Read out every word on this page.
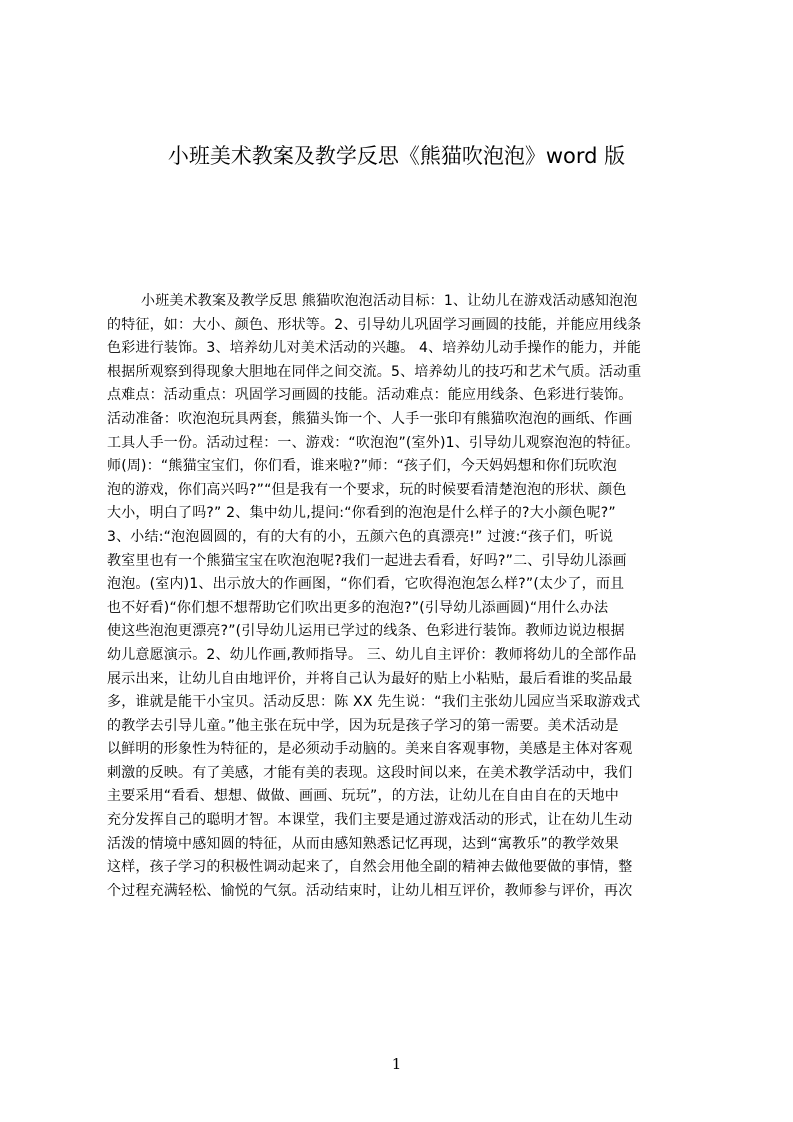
小班美术教案及教学反思《熊猫吹泡泡》word 版
小班美术教案及教学反思 熊猫吹泡泡活动目标：1、让幼儿在游戏活动感知泡泡
的特征，如：大小、颜色、形状等。2、引导幼儿巩固学习画圆的技能，并能应用线条
色彩进行装饰。3、培养幼儿对美术活动的兴趣。 4、培养幼儿动手操作的能力，并能
根据所观察到得现象大胆地在同伴之间交流。5、培养幼儿的技巧和艺术气质。活动重
点难点：活动重点：巩固学习画圆的技能。活动难点：能应用线条、色彩进行装饰。
活动准备：吹泡泡玩具两套，熊猫头饰一个、人手一张印有熊猫吹泡泡的画纸、作画
工具人手一份。活动过程：一、游戏：“吹泡泡”(室外)1、引导幼儿观察泡泡的特征。
师(周)：“熊猫宝宝们，你们看，谁来啦?”师：“孩子们，今天妈妈想和你们玩吹泡
泡的游戏，你们高兴吗?”“但是我有一个要求，玩的时候要看清楚泡泡的形状、颜色
大小，明白了吗?” 2、集中幼儿,提问:“你看到的泡泡是什么样子的?大小颜色呢?”
3、小结:“泡泡圆圆的，有的大有的小，五颜六色的真漂亮!” 过渡:“孩子们，听说
教室里也有一个熊猫宝宝在吹泡泡呢?我们一起进去看看，好吗?”二、引导幼儿添画
泡泡。(室内)1、出示放大的作画图，“你们看，它吹得泡泡怎么样?”(太少了，而且
也不好看)“你们想不想帮助它们吹出更多的泡泡?”(引导幼儿添画圆)“用什么办法
使这些泡泡更漂亮?”(引导幼儿运用已学过的线条、色彩进行装饰。教师边说边根据
幼儿意愿演示。2、幼儿作画,教师指导。 三、幼儿自主评价：教师将幼儿的全部作品
展示出来，让幼儿自由地评价，并将自己认为最好的贴上小粘贴，最后看谁的奖品最
多，谁就是能干小宝贝。活动反思：陈 XX 先生说：“我们主张幼儿园应当采取游戏式
的教学去引导儿童。”他主张在玩中学，因为玩是孩子学习的第一需要。美术活动是
以鲜明的形象性为特征的，是必须动手动脑的。美来自客观事物，美感是主体对客观
刺激的反映。有了美感，才能有美的表现。这段时间以来，在美术教学活动中，我们
主要采用“看看、想想、做做、画画、玩玩”，的方法，让幼儿在自由自在的天地中
充分发挥自己的聪明才智。本课堂，我们主要是通过游戏活动的形式，让在幼儿生动
活泼的情境中感知圆的特征，从而由感知熟悉记忆再现，达到“寓教乐”的教学效果
这样，孩子学习的积极性调动起来了，自然会用他全副的精神去做他要做的事情，整
个过程充满轻松、愉悦的气氛。活动结束时，让幼儿相互评价，教师参与评价，再次
1
